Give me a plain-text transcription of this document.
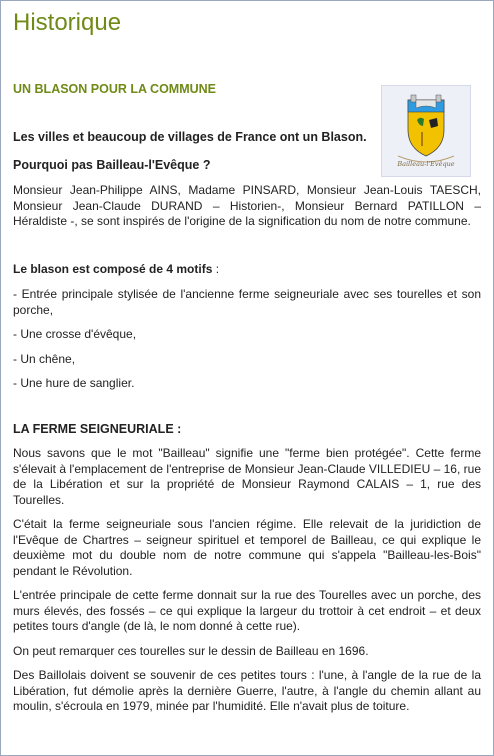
Historique
UN BLASON POUR LA COMMUNE
Bailleau-l'Evêque

Les villes et beaucoup de villages de France ont un Blason.

Pourquoi pas Bailleau-l'Evêque ?

Monsieur Jean-Philippe AINS, Madame PINSARD, Monsieur Jean-Louis TAESCH, Monsieur Jean-Claude DURAND – Historien-, Monsieur Bernard PATILLON – Héraldiste -, se sont inspirés de l'origine de la signification du nom de notre commune.

Le blason est composé de 4 motifs :

- Entrée principale stylisée de l'ancienne ferme seigneuriale avec ses tourelles et son porche,

- Une crosse d'évêque,

- Un chêne,

- Une hure de sanglier.

LA FERME SEIGNEURIALE :

Nous savons que le mot "Bailleau" signifie une "ferme bien protégée". Cette ferme s'élevait à l'emplacement de l'entreprise de Monsieur Jean-Claude VILLEDIEU – 16, rue de la Libération et sur la propriété de Monsieur Raymond CALAIS – 1, rue des Tourelles.

C'était la ferme seigneuriale sous l'ancien régime. Elle relevait de la juridiction de l'Evêque de Chartres – seigneur spirituel et temporel de Bailleau, ce qui explique le deuxième mot du double nom de notre commune qui s'appela "Bailleau-les-Bois" pendant le Révolution.

L'entrée principale de cette ferme donnait sur la rue des Tourelles avec un porche, des murs élevés, des fossés – ce qui explique la largeur du trottoir à cet endroit – et deux petites tours d'angle (de là, le nom donné à cette rue).

On peut remarquer ces tourelles sur le dessin de Bailleau en 1696.

Des Baillolais doivent se souvenir de ces petites tours : l'une, à l'angle de la rue de la Libération, fut démolie après la dernière Guerre, l'autre, à l'angle du chemin allant au moulin, s'écroula en 1979, minée par l'humidité. Elle n'avait plus de toiture.
